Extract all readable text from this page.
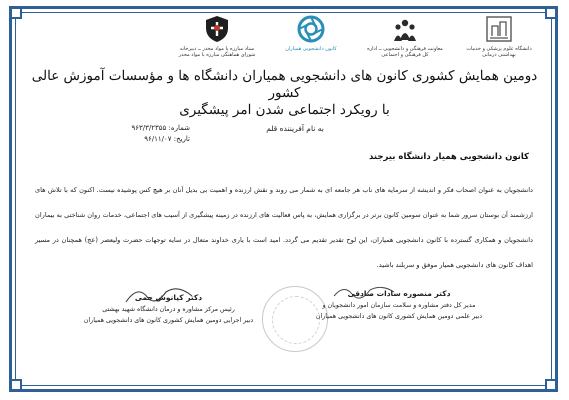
دانشگاه علوم پزشکی و خدمات بهداشتی درمانی
معاونت فرهنگی و دانشجویی ــ اداره کل فرهنگی و اجتماعی
کانون دانشجویی همیاران
ستاد مبارزه با مواد مخدر ــ دبیرخانه شورای هماهنگی مبارزه با مواد مخدر
دومین همایش کشوری کانون های دانشجویی همیاران دانشگاه ها و مؤسسات آموزش عالی کشور
با رویکرد اجتماعی شدن امر پیشگیری
شماره: ۹۶۳/۳/۲۳۵۵
تاریخ: ۹۶/۱۱/۰۷
به نام آفریننده قلم
کانون دانشجویی همیار دانشگاه بیرجند
دانشجویان به عنوان اصحاب فکر و اندیشه از سرمایه های ناب هر جامعه ای به شمار می روند و نقش ارزنده و اهمیت بی بدیل آنان بر هیچ کس پوشیده نیست. اکنون که با تلاش های ارزشمند آن بوستان سرور شما به عنوان سومین کانون برتر در برگزاری همایش، به پاس فعالیت های ارزنده در زمینه پیشگیری از آسیب های اجتماعی، خدمات روان شناختی به بیماران دانشجویان و همکاری گسترده با کانون دانشجویی همیاران، این لوح تقدیر تقدیم می گردد. امید است با یاری خداوند متعال در سایه توجهات حضرت ولیعصر (عج) همچنان در مسیر اهداف کانون های دانشجویی همیار موفق و سربلند باشید.
دکتر منصوره سادات صادقی
مدیر کل دفتر مشاوره و سلامت سازمان امور دانشجویان و
دبیر علمی دومین همایش کشوری کانون های دانشجویی همیاران
دکتر کیانوش جمی
رئیس مرکز مشاوره و درمان دانشگاه شهید بهشتی
دبیر اجرایی دومین همایش کشوری کانون های دانشجویی همیاران
